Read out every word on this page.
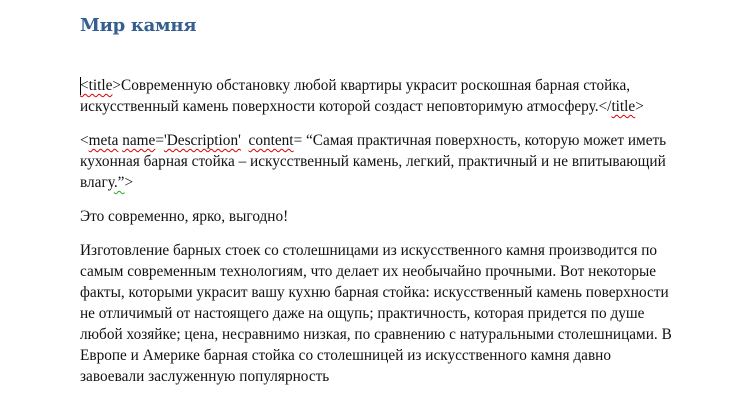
Мир камня
<title>Современную обстановку любой квартиры украсит роскошная барная стойка,
искусственный камень поверхности которой создаст неповторимую атмосферу.</title>
<meta name='Description' content= “Самая практичная поверхность, которую может иметь
кухонная барная стойка – искусственный камень, легкий, практичный и не впитывающий
влагу.”>
Это современно, ярко, выгодно!
Изготовление барных стоек со столешницами из искусственного камня производится по
самым современным технологиям, что делает их необычайно прочными. Вот некоторые
факты, которыми украсит вашу кухню барная стойка: искусственный камень поверхности
не отличимый от настоящего даже на ощупь; практичность, которая придется по душе
любой хозяйке; цена, несравнимо низкая, по сравнению с натуральными столешницами. В
Европе и Америке барная стойка со столешницей из искусственного камня давно
завоевали заслуженную популярность
